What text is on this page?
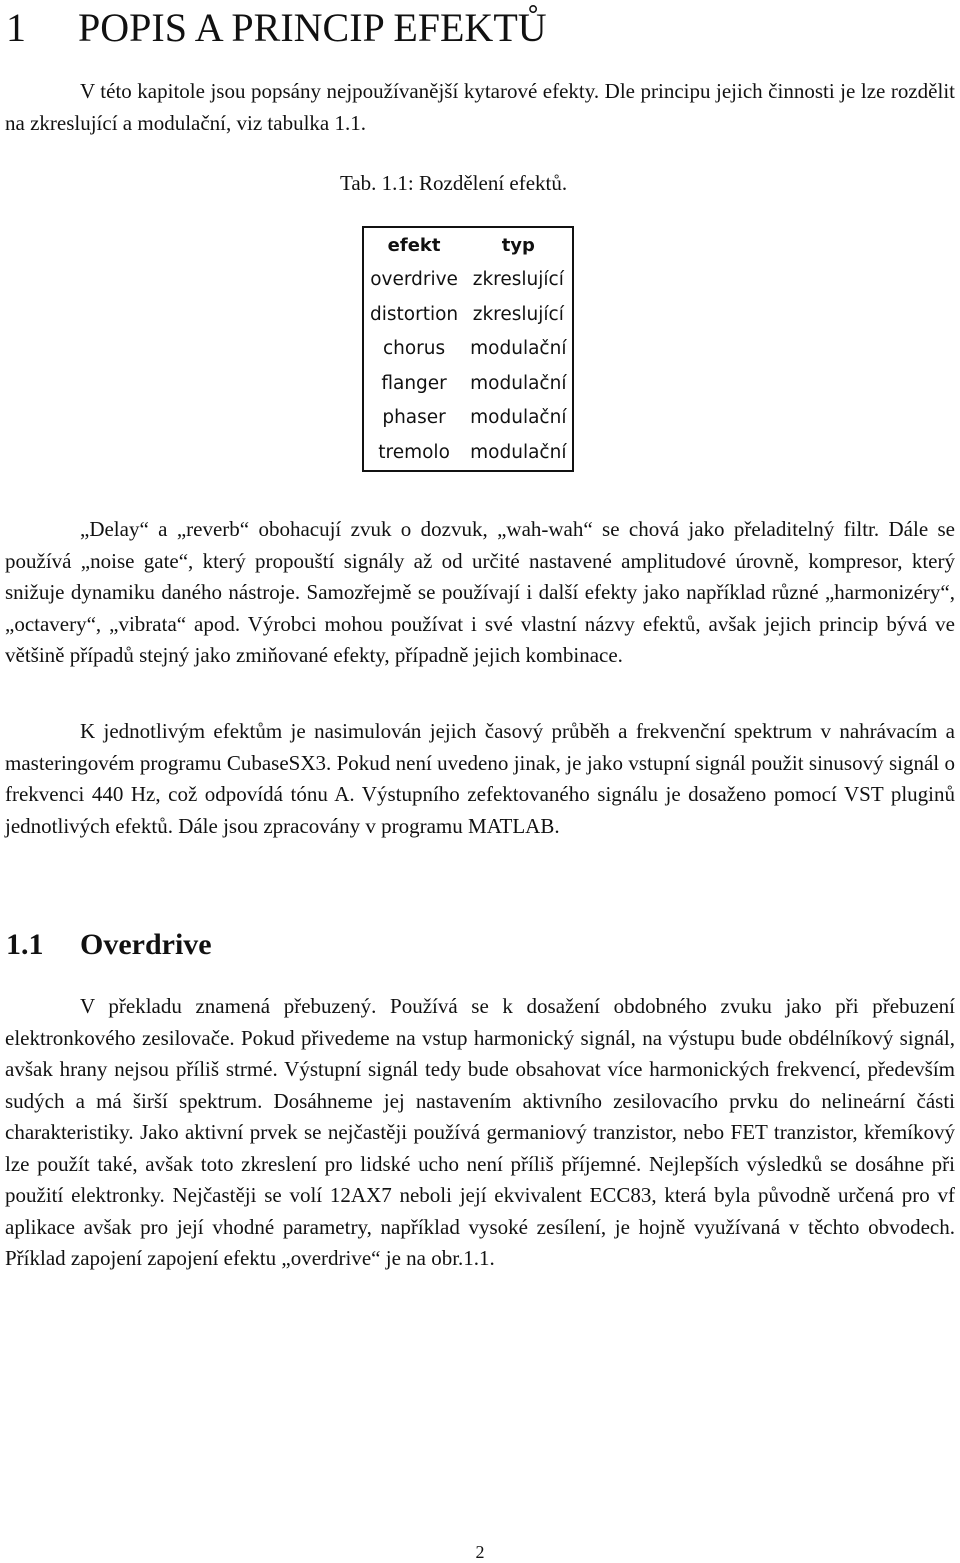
1 POPIS A PRINCIP EFEKTŮ

V této kapitole jsou popsány nejpoužívanější kytarové efekty. Dle principu jejich činnosti je lze rozdělit na zkreslující a modulační, viz tabulka 1.1.

Tab. 1.1: Rozdělení efektů.

efekt	typ
overdrive	zkreslující
distortion	zkreslující
chorus	modulační
flanger	modulační
phaser	modulační
tremolo	modulační

„Delay“ a „reverb“ obohacují zvuk o dozvuk, „wah-wah“ se chová jako přeladitelný filtr. Dále se používá „noise gate“, který propouští signály až od určité nastavené amplitudové úrovně, kompresor, který snižuje dynamiku daného nástroje. Samozřejmě se používají i další efekty jako například různé „harmonizéry“, „octavery“, „vibrata“ apod. Výrobci mohou používat i své vlastní názvy efektů, avšak jejich princip bývá ve většině případů stejný jako zmiňované efekty, případně jejich kombinace.

K jednotlivým efektům je nasimulován jejich časový průběh a frekvenční spektrum v nahrávacím a masteringovém programu CubaseSX3. Pokud není uvedeno jinak, je jako vstupní signál použit sinusový signál o frekvenci 440 Hz, což odpovídá tónu A. Výstupního zefektovaného signálu je dosaženo pomocí VST pluginů jednotlivých efektů. Dále jsou zpracovány v programu MATLAB.

1.1 Overdrive

V překladu znamená přebuzený. Používá se k dosažení obdobného zvuku jako při přebuzení elektronkového zesilovače. Pokud přivedeme na vstup harmonický signál, na výstupu bude obdélníkový signál, avšak hrany nejsou příliš strmé. Výstupní signál tedy bude obsahovat více harmonických frekvencí, především sudých a má širší spektrum. Dosáhneme jej nastavením aktivního zesilovacího prvku do nelineární části charakteristiky. Jako aktivní prvek se nejčastěji používá germaniový tranzistor, nebo FET tranzistor, křemíkový lze použít také, avšak toto zkreslení pro lidské ucho není příliš příjemné. Nejlepších výsledků se dosáhne při použití elektronky. Nejčastěji se volí 12AX7 neboli její ekvivalent ECC83, která byla původně určená pro vf aplikace avšak pro její vhodné parametry, například vysoké zesílení, je hojně využívaná v těchto obvodech. Příklad zapojení zapojení efektu „overdrive“ je na obr.1.1.

2
